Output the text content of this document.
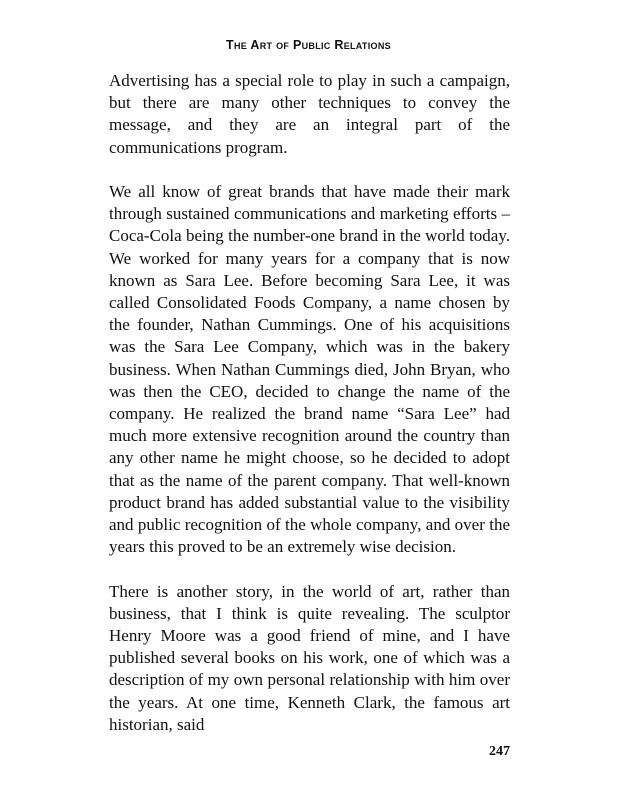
The Art of Public Relations

Advertising has a special role to play in such a campaign, but there are many other techniques to convey the message, and they are an integral part of the communications program.

We all know of great brands that have made their mark through sustained communications and marketing efforts – Coca-Cola being the number-one brand in the world today. We worked for many years for a company that is now known as Sara Lee. Before becoming Sara Lee, it was called Consolidated Foods Company, a name chosen by the founder, Nathan Cummings. One of his acquisitions was the Sara Lee Company, which was in the bakery business. When Nathan Cummings died, John Bryan, who was then the CEO, decided to change the name of the company. He realized the brand name “Sara Lee” had much more extensive recognition around the country than any other name he might choose, so he decided to adopt that as the name of the parent company. That well-known product brand has added substantial value to the visibility and public recognition of the whole company, and over the years this proved to be an extremely wise decision.

There is another story, in the world of art, rather than business, that I think is quite revealing. The sculptor Henry Moore was a good friend of mine, and I have published several books on his work, one of which was a description of my own personal relationship with him over the years. At one time, Kenneth Clark, the famous art historian, said

247
